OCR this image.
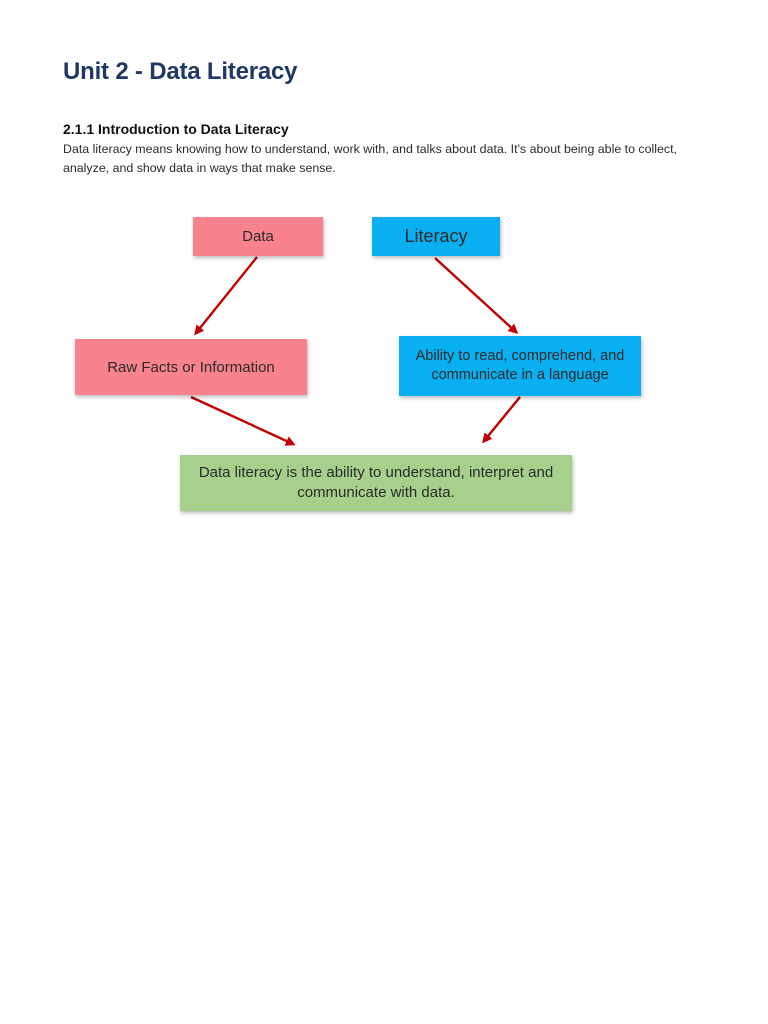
Unit 2 - Data Literacy
2.1.1 Introduction to Data Literacy

Data literacy means knowing how to understand, work with, and talks about data. It's about being able to collect, analyze, and show data in ways that make sense.

Data	Literacy
Raw Facts or Information
Ability to read, comprehend, and communicate in a language
Data literacy is the ability to understand, interpret and communicate with data.
